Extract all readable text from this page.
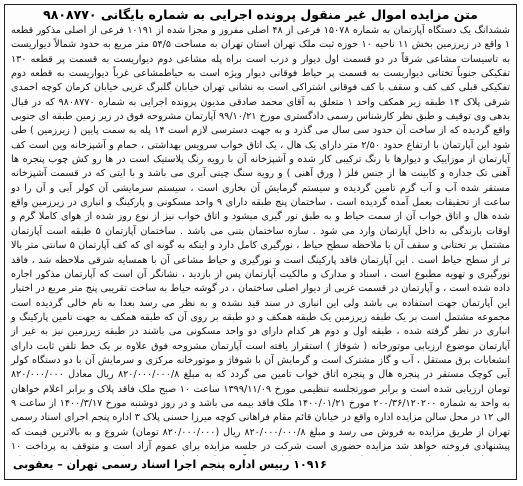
متن مزایده اموال غیر منقول پرونده اجرایی به شماره بایگانی ۹۸۰۸۷۷۰

ششدانگ یک دستگاه آپارتمان به شماره ۱۵۰۷۸ فرعی از ۴۸ اصلی مفروز و مجزا شده از ۱۰۱۹۱ فرعی از اصلی مذکور قطعه ۱ واقع در زیرزمین بخش ۱۱ ناحیه ۱۰ حوزه ثبت ملک تهران استان تهران به مساحت ۵۴/۵ متر مربع به حدود شمالاً دیواریست به تاسیسات مشاعی شرقاً در دو قسمت اول دیوار و درب است براه پله مشاعی دوم دیواریست به قسمت پر قطعه ۱۳۰ تفکیکی جنوباً تختانی دیواریست به قسمت پر حیاط فوقانی دیوار ویژه است به حیاطمشاعی غرباً دیواریست به قطعه دوم تفکیکی قبلی کف کف و سقف با کف فوقانی اشتراکی است به نشانی تهران خیابان گلبرگ غربی خیابان کرمان کوچه احمدی شرقی پلاک ۱۴ طبقه زیر همکف واحد ۱ متعلق به آقای محمد صادقی مدیون پرونده اجرایی به شماره ۹۸۰۸۷۷۰ که در قبال بدهی وی توقیف و طبق نظر کارشناس رسمی دادگستری مورخ ۹۹/۱۰/۲۱ آپارتمان مشروحه فوق در زیر زمین طبقه ای جنوبی واقع گردیده که از ساخت آن حدود سی سال می گذرد و به جهت دسترسی لازم است ۱۴ پله به سمت پایین ( زیرزمین ) طی شود این آپارتمان با ارتفاع حدود ۲/۵۰ متر دارای یک هال ، یک اتاق خواب سرویس بهداشتی ، حمام و آشپزخانه وین است کف آپارتمان از موزاییک و دیوارها با رنگ ترکیبی کار شده و آشپزخانه آن با رویه رنگ پلاستیک است در ها رو کش چوب پنجره ها آهنی تک جداره و کابینت ها از جنس فلز ( ورق آهنی ) و رویه سنگ چینی آبری می باشد و با ایتی که در قسمت آشپزخانه مستقر شده آب و آب گرم تامین گردیده و سیستم گرمایش آن بخاری است ، سیستم سرمایشی آن کولر آبی و آن را دو ساعت از تحقیقات بعمل آمده گردیده است ، ساختمان پنج طبقه دارای ۹ واحد مسکونی و پارکینگ و انباری در زیرزمین واقع شده هال و اتاق خواب آن از سمت حیاط و به طبق نور گیری میشود و اتاق خواب نیز از نوع روز شده از هوای کاملا گرم و اوقات بارندگی به داخل آپارتمان وارد می شود . سازه ساختمان بتنی می باشد . ساختمان آپارتمان ۵ طبقه است آپارتمان مشتمل بر تختانی و سقف آن با ملاحظه سطح حیاط ، نورگیری کامل دارد و اینکه به گونه ای که کف آپارتمان ۵ سانتی متر بالا تر از سطح حیاط است . این آپارتمان فاقد پارکینگ است و نورگیری و حیاط مشاعی آن با همسایه شرقی ملاحظه شد ، فاقد نورگیری و تهویه مطبوع است ، اسناد و مدارک و مالکیت آپارتمان پس از بازدید ، نشانگر آن است که آپارتمان مذکور اجاره داده شده است ، و آپارتمان در قسمت غربی از دیوار اصلی ساختمان ، در گوشه حیاط به ساخت تقریبی پنج متر مربع در اختیار این آپارتمان جهت استفاده بی باشد ولی این انباری در سند قید نشده و به نظر می رسد بعدا به نام خالی گردیده است مجموعه مشتمل است بر یک طبقه زیرزمین یک طبقه همکف و دو طبقه بر روی آن که طبقه همکف به جهت تامین پارکینگ و انباری در نظر گرفته شده ، طبقه اول و دوم هر کدام دارای دو واحد مسکونی می باشند در طبقه زیرزمین نیز به غیر از آپارتمان موضوع ارزیابی موتورخانه ( شوفاژ ) استقرار یافته است آپارتمان مشروحه فوق علاوه بر یک خط تلفن ثابت دارای انشعابات برق مستقل ، آب و گاز مشترک است و گرمایش آن با شوفاژ و موتورخانه مرکزی و سرمایش آن با دو دستگاه کولر آبی کوچک مستقر در پنجره هال و پنجره اتاق خواب تامین می گردد که به مبلغ ۸۲۰/۰۰۰/۰۰۰/۸ ریال معادل ۸۲۰/۰۰۰/۰۰۰ تومان ارزیابی شده است و برابر صورتجلسه تنظیمی مورخ ۱۳۹۹/۱۱/۰۹ ساعت ۱۰ صبح ملک فاقد پلاک و برابر اعلام خواهان به واحد به شماره ۲۰۰/۳۶/۱۲۰۲۰۰ مورخ ۱۴۰۰/۰۱/۲۱ ملک فاقد بیمه می باشد و در روز دوشنبه مورخ ۱۴۰۰/۳/۱۷ از ساعت ۹ الی ۱۲ در محل سالن مزایده اداره واقع در خیابان قائم مقام فراهانی کوچه میرزا حسنی پلاک ۳ اداره پنجم اجرای اسناد رسمی تهران از طریق مزایده به فروش می رسد و مبلغ ۸۲۰/۰۰۰/۰۰۰/۸ ریال (۸۲۰/۰۰۰/۰۰۰ تومان) شروع و به بالاترین قیمت که پیشنهادی فروخته خواهد شد مزایده حضوری است شرکت در جلسه مزایده برای عموم آزاد است و متوقف به پرداخت ۱۰

۱۰۹۱۶ رییس اداره پنجم اجرا اسناد رسمی تهران – یعقوبی
